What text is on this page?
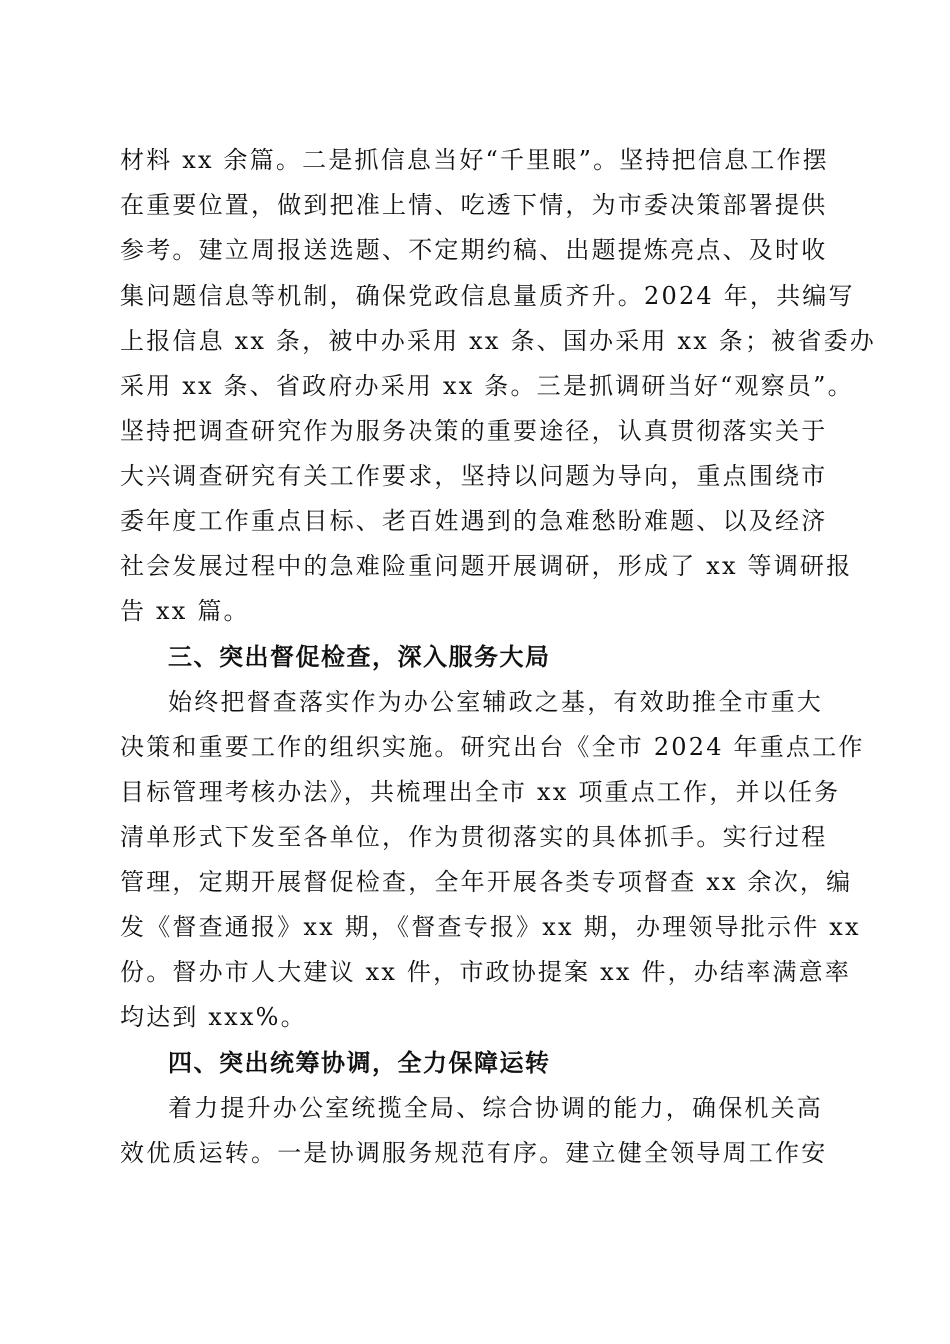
材料 xx 余篇。二是抓信息当好“千里眼”。坚持把信息工作摆
在重要位置，做到把准上情、吃透下情，为市委决策部署提供
参考。建立周报送选题、不定期约稿、出题提炼亮点、及时收
集问题信息等机制，确保党政信息量质齐升。2024 年，共编写
上报信息 xx 条，被中办采用 xx 条、国办采用 xx 条；被省委办
采用 xx 条、省政府办采用 xx 条。三是抓调研当好“观察员”。
坚持把调查研究作为服务决策的重要途径，认真贯彻落实关于
大兴调查研究有关工作要求，坚持以问题为导向，重点围绕市
委年度工作重点目标、老百姓遇到的急难愁盼难题、以及经济
社会发展过程中的急难险重问题开展调研，形成了 xx 等调研报
告 xx 篇。
三、突出督促检查，深入服务大局
始终把督查落实作为办公室辅政之基，有效助推全市重大
决策和重要工作的组织实施。研究出台《全市 2024 年重点工作
目标管理考核办法》，共梳理出全市 xx 项重点工作，并以任务
清单形式下发至各单位，作为贯彻落实的具体抓手。实行过程
管理，定期开展督促检查，全年开展各类专项督查 xx 余次，编
发《督查通报》xx 期，《督查专报》xx 期，办理领导批示件 xx
份。督办市人大建议 xx 件，市政协提案 xx 件，办结率满意率
均达到 xxx%。
四、突出统筹协调，全力保障运转
着力提升办公室统揽全局、综合协调的能力，确保机关高
效优质运转。一是协调服务规范有序。建立健全领导周工作安
